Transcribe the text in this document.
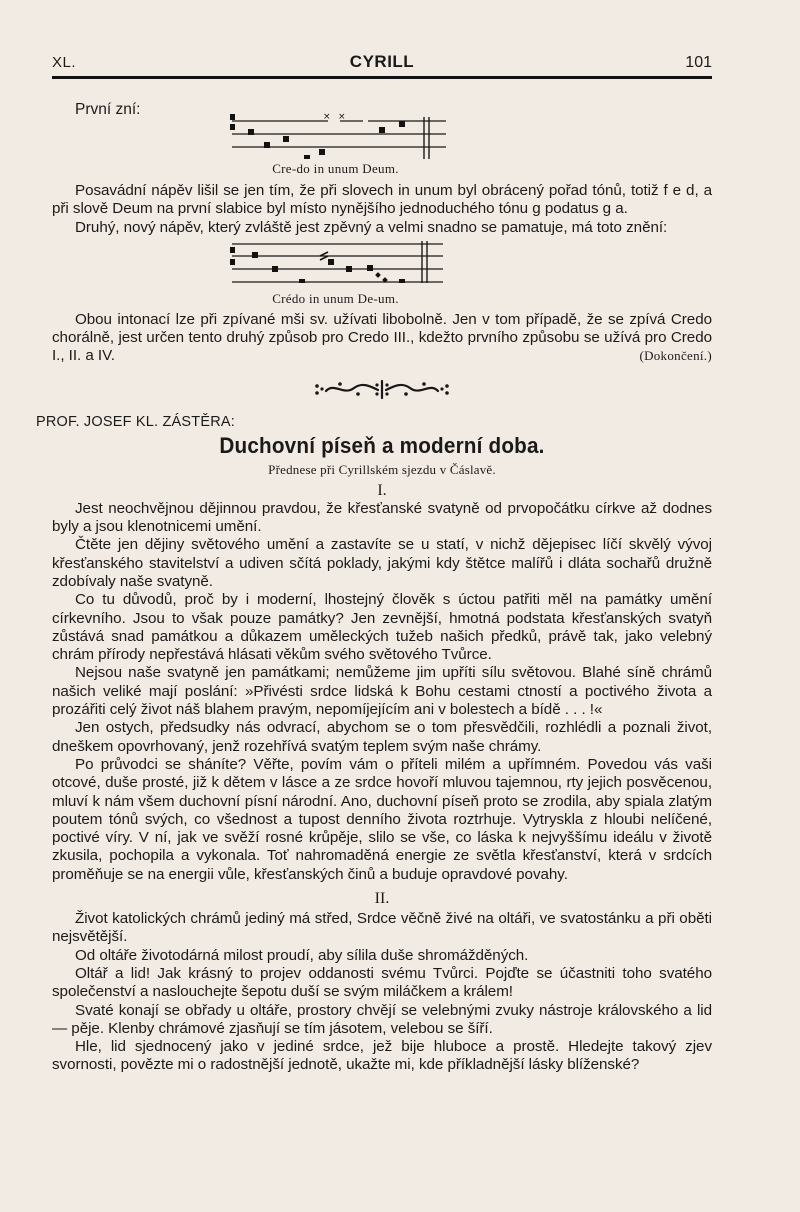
XL.	CYRILL	101
První zní:	× ×
Cre-do in unum Deum.

Posavádní nápěv lišil se jen tím, že při slovech in unum byl obrácený pořad tónů, totiž f e d, a při slově Deum na první slabice byl místo nynějšího jednoduchého tónu g podatus g a.

Druhý, nový nápěv, který zvláště jest zpěvný a velmi snadno se pamatuje, má toto znění:

Crédo in unum De-um.

Obou intonací lze při zpívané mši sv. užívati libobolně. Jen v tom případě, že se zpívá Credo chorálně, jest určen tento druhý způsob pro Credo III., kdežto prvního způsobu se užívá pro Credo I., II. a IV.	(Dokončení.)

PROF. JOSEF KL. ZÁSTĚRA:
Duchovní píseň a moderní doba.
Přednese při Cyrillském sjezdu v Čáslavě.
I.

Jest neochvějnou dějinnou pravdou, že křesťanské svatyně od prvopočátku církve až dodnes byly a jsou klenotnicemi umění.

Čtěte jen dějiny světového umění a zastavíte se u statí, v nichž dějepisec líčí skvělý vývoj křesťanského stavitelství a udiven sčítá poklady, jakými kdy štětce malířů i dláta sochařů družně zdobívaly naše svatyně.

Co tu důvodů, proč by i moderní, lhostejný člověk s úctou patřiti měl na památky umění církevního. Jsou to však pouze památky? Jen zevnější, hmotná podstata křesťanských svatyň zůstává snad památkou a důkazem uměleckých tužeb našich předků, právě tak, jako velebný chrám přírody nepřestává hlásati věkům svého světového Tvůrce.

Nejsou naše svatyně jen památkami; nemůžeme jim upříti sílu světovou. Blahé síně chrámů našich veliké mají poslání: »Přivésti srdce lidská k Bohu cestami ctností a poctivého života a prozářiti celý život náš blahem pravým, nepomíjejícím ani v bolestech a bídě . . . !«

Jen ostych, předsudky nás odvrací, abychom se o tom přesvědčili, rozhlédli a poznali život, dneškem opovrhovaný, jenž rozehřívá svatým teplem svým naše chrámy.

Po průvodci se sháníte? Věřte, povím vám o příteli milém a upřímném. Povedou vás vaši otcové, duše prosté, již k dětem v lásce a ze srdce hovoří mluvou tajemnou, rty jejich posvěcenou, mluví k nám všem duchovní písní národní. Ano, duchovní píseň proto se zrodila, aby spiala zlatým poutem tónů svých, co všednost a tupost denního života roztrhuje. Vytryskla z hloubi nelíčené, poctivé víry. V ní, jak ve svěží rosné krůpěje, slilo se vše, co láska k nejvyššímu ideálu v životě zkusila, pochopila a vykonala. Toť nahromaděná energie ze světla křesťanství, která v srdcích proměňuje se na energii vůle, křesťanských činů a buduje opravdové povahy.

II.

Život katolických chrámů jediný má střed, Srdce věčně živé na oltáři, ve svatostánku a při oběti nejsvětější.

Od oltáře životodárná milost proudí, aby sílila duše shromážděných.

Oltář a lid! Jak krásný to projev oddanosti svému Tvůrci. Pojďte se účastniti toho svatého společenství a naslouchejte šepotu duší se svým miláčkem a králem!

Svaté konají se obřady u oltáře, prostory chvějí se velebnými zvuky nástroje královského a lid — pěje. Klenby chrámové zjasňují se tím jásotem, velebou se šíří.

Hle, lid sjednocený jako v jediné srdce, jež bije hluboce a prostě. Hledejte takový zjev svornosti, povězte mi o radostnější jednotě, ukažte mi, kde příkladnější lásky blíženské?
